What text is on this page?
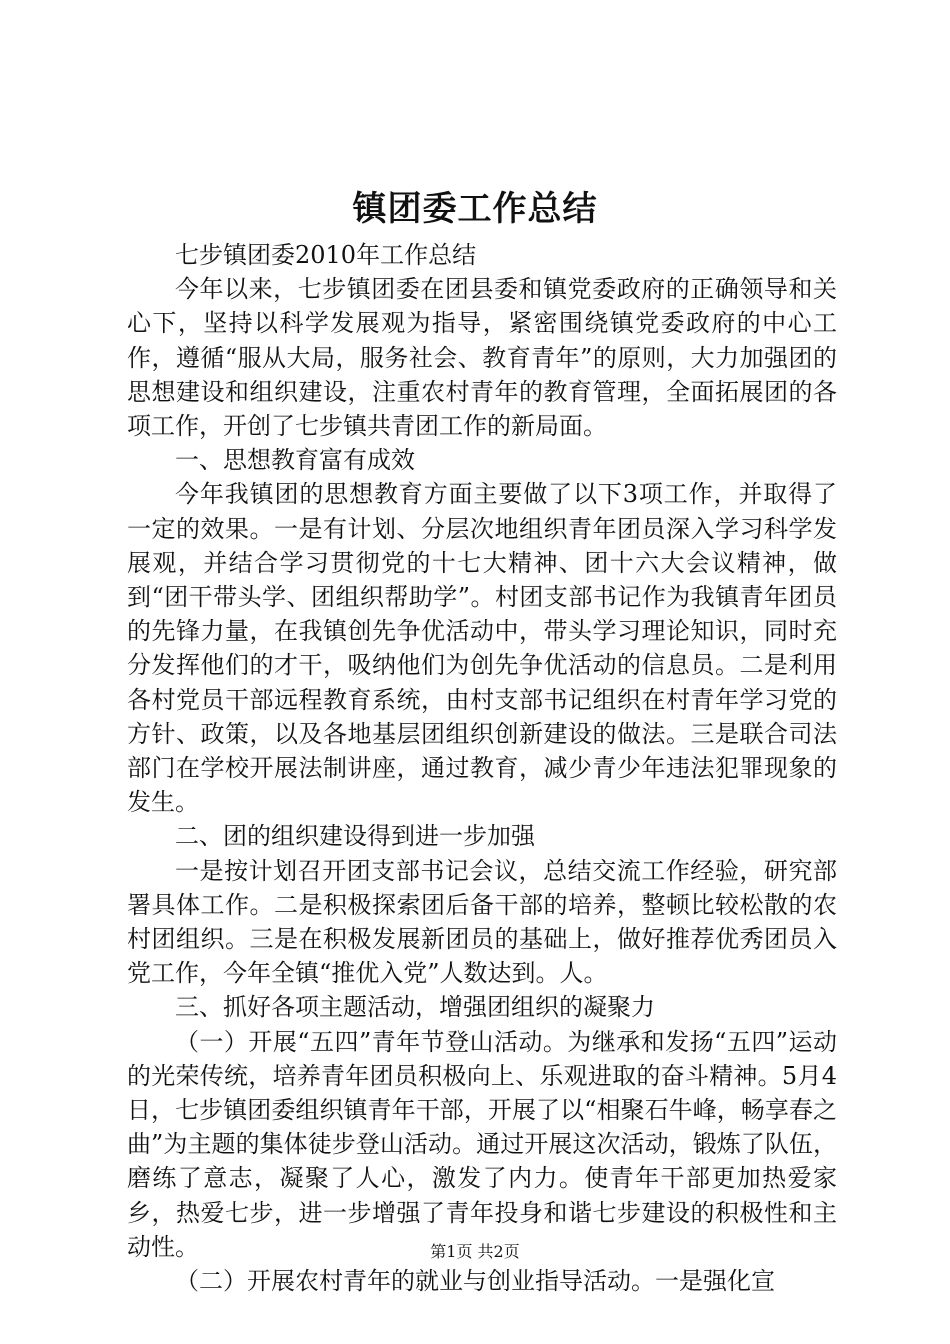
镇团委工作总结

七步镇团委2010年工作总结

今年以来，七步镇团委在团县委和镇党委政府的正确领导和关心下，坚持以科学发展观为指导，紧密围绕镇党委政府的中心工作，遵循“服从大局，服务社会、教育青年”的原则，大力加强团的思想建设和组织建设，注重农村青年的教育管理，全面拓展团的各项工作，开创了七步镇共青团工作的新局面。

一、思想教育富有成效

今年我镇团的思想教育方面主要做了以下3项工作，并取得了一定的效果。一是有计划、分层次地组织青年团员深入学习科学发展观，并结合学习贯彻党的十七大精神、团十六大会议精神，做到“团干带头学、团组织帮助学”。村团支部书记作为我镇青年团员的先锋力量，在我镇创先争优活动中，带头学习理论知识，同时充分发挥他们的才干，吸纳他们为创先争优活动的信息员。二是利用各村党员干部远程教育系统，由村支部书记组织在村青年学习党的方针、政策，以及各地基层团组织创新建设的做法。三是联合司法部门在学校开展法制讲座，通过教育，减少青少年违法犯罪现象的发生。

二、团的组织建设得到进一步加强

一是按计划召开团支部书记会议，总结交流工作经验，研究部署具体工作。二是积极探索团后备干部的培养，整顿比较松散的农村团组织。三是在积极发展新团员的基础上，做好推荐优秀团员入党工作，今年全镇“推优入党”人数达到。人。

三、抓好各项主题活动，增强团组织的凝聚力

（一）开展“五四”青年节登山活动。为继承和发扬“五四”运动的光荣传统，培养青年团员积极向上、乐观进取的奋斗精神。5月4日，七步镇团委组织镇青年干部，开展了以“相聚石牛峰，畅享春之曲”为主题的集体徒步登山活动。通过开展这次活动，锻炼了队伍，磨练了意志，凝聚了人心，激发了内力。使青年干部更加热爱家乡，热爱七步，进一步增强了青年投身和谐七步建设的积极性和主动性。

（二）开展农村青年的就业与创业指导活动。一是强化宣

第1页 共2页
